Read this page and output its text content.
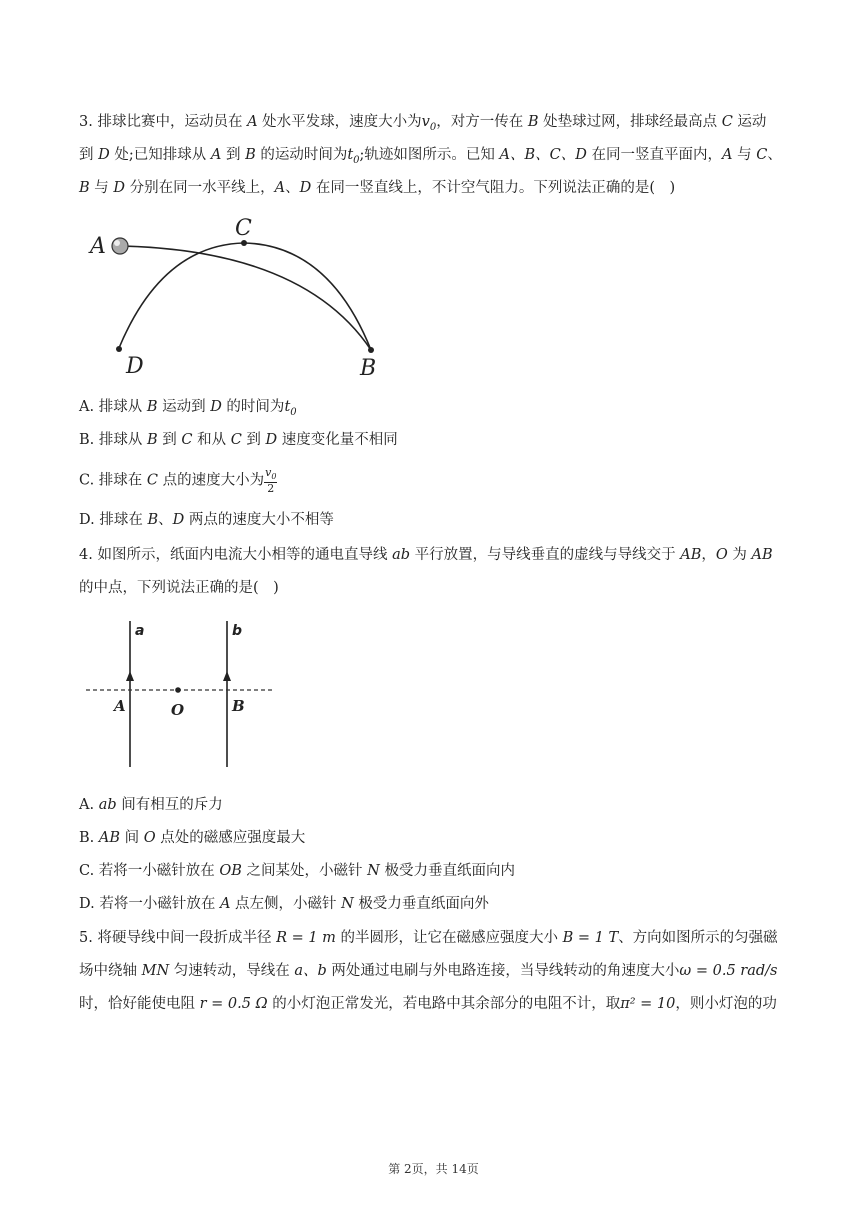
3. 排球比赛中，运动员在 A 处水平发球，速度大小为$v_0$，对方一传在 B 处垫球过网，排球经最高点 C 运动
到 D 处;已知排球从 A 到 B 的运动时间为$t_0$;轨迹如图所示。已知 A、B、C、D 在同一竖直平面内，A 与 C、
B 与 D 分别在同一水平线上，A、D 在同一竖直线上，不计空气阻力。下列说法正确的是(　)
A
C
D	B
A. 排球从 B 运动到 D 的时间为$t_0$
B. 排球从 B 到 C 和从 C 到 D 速度变化量不相同
C. 排球在 C 点的速度大小为 $\frac{v_0}{2}$
D. 排球在 B、D 两点的速度大小不相等
4. 如图所示，纸面内电流大小相等的通电直导线 ab 平行放置，与导线垂直的虚线与导线交于 AB，O 为 AB
的中点，下列说法正确的是(　)
a	b
A	O	B
A. ab 间有相互的斥力
B. AB 间 O 点处的磁感应强度最大
C. 若将一小磁针放在 OB 之间某处，小磁针 N 极受力垂直纸面向内
D. 若将一小磁针放在 A 点左侧，小磁针 N 极受力垂直纸面向外
5. 将硬导线中间一段折成半径 R = 1 m 的半圆形，让它在磁感应强度大小 B = 1 T、方向如图所示的匀强磁
场中绕轴 MN 匀速转动，导线在 a、b 两处通过电刷与外电路连接，当导线转动的角速度大小ω = 0.5 rad/s
时，恰好能使电阻 r = 0.5 Ω 的小灯泡正常发光，若电路中其余部分的电阻不计，取π² = 10，则小灯泡的功
第 2页，共 14页
